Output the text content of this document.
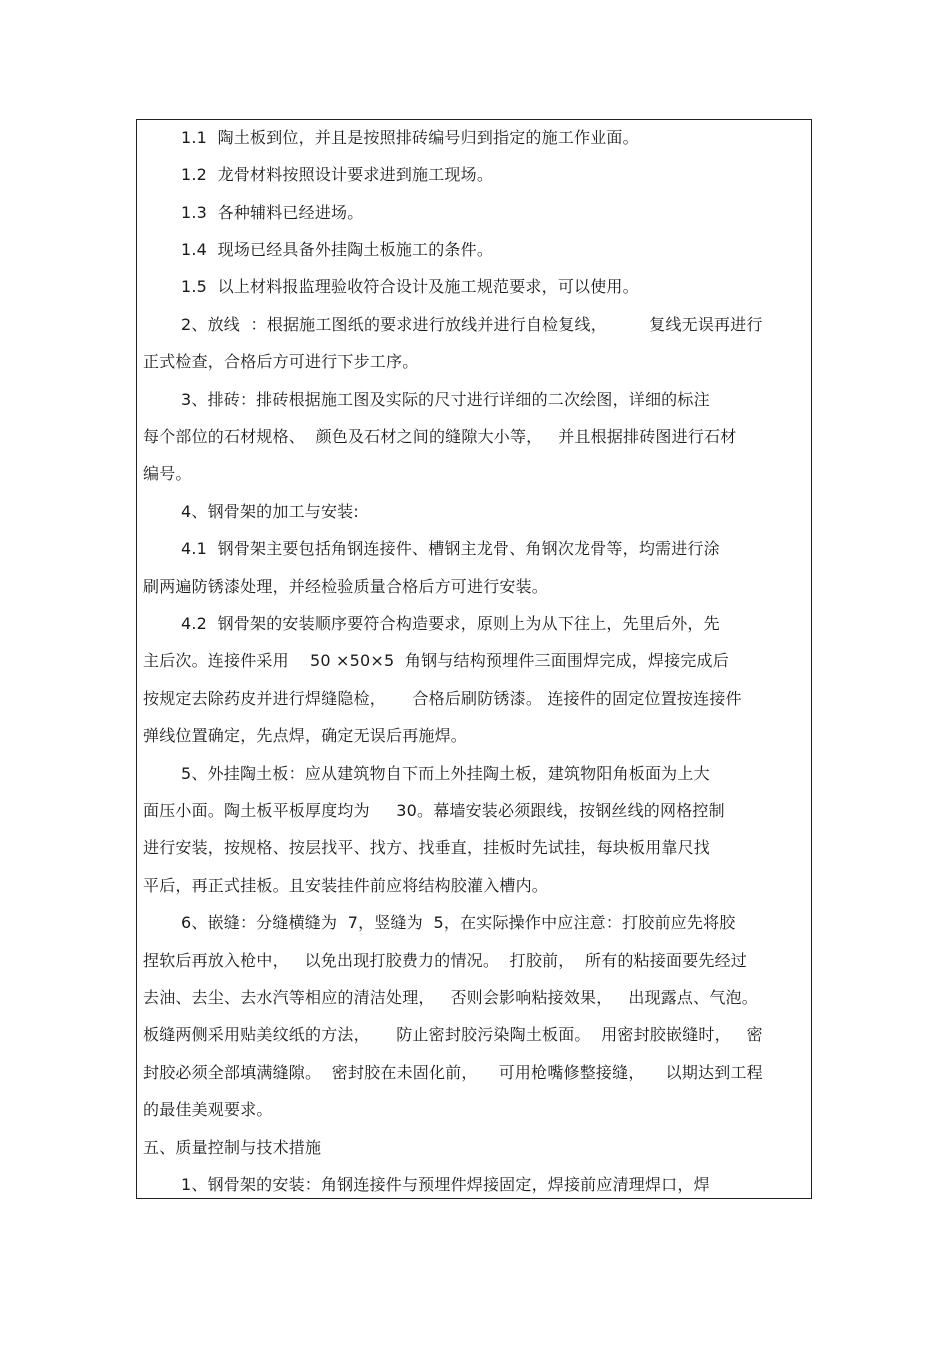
1.1  陶土板到位，并且是按照排砖编号归到指定的施工作业面。
1.2  龙骨材料按照设计要求进到施工现场。
1.3  各种辅料已经进场。
1.4  现场已经具备外挂陶土板施工的条件。
1.5  以上材料报监理验收符合设计及施工规范要求，可以使用。
2、放线  ：根据施工图纸的要求进行放线并进行自检复线，        复线无误再进行
正式检查，合格后方可进行下步工序。
3、排砖：排砖根据施工图及实际的尺寸进行详细的二次绘图，详细的标注
每个部位的石材规格、  颜色及石材之间的缝隙大小等，   并且根据排砖图进行石材
编号。
4、钢骨架的加工与安装:
4.1  钢骨架主要包括角钢连接件、槽钢主龙骨、角钢次龙骨等，均需进行涂
刷两遍防锈漆处理，并经检验质量合格后方可进行安装。
4.2  钢骨架的安装顺序要符合构造要求，原则上为从下往上，先里后外，先
主后次。连接件采用    50 ×50×5  角钢与结构预埋件三面围焊完成，焊接完成后
按规定去除药皮并进行焊缝隐检，     合格后刷防锈漆。 连接件的固定位置按连接件
弹线位置确定，先点焊，确定无误后再施焊。
5、外挂陶土板：应从建筑物自下而上外挂陶土板，建筑物阳角板面为上大
面压小面。陶土板平板厚度均为     30。幕墙安装必须跟线，按钢丝线的网格控制
进行安装，按规格、按层找平、找方、找垂直，挂板时先试挂，每块板用靠尺找
平后，再正式挂板。且安装挂件前应将结构胶灌入槽内。
6、嵌缝：分缝横缝为  7，竖缝为  5，在实际操作中应注意：打胶前应先将胶
捏软后再放入枪中，   以免出现打胶费力的情况。  打胶前，  所有的粘接面要先经过
去油、去尘、去水汽等相应的清洁处理，   否则会影响粘接效果，   出现露点、气泡。
板缝两侧采用贴美纹纸的方法，     防止密封胶污染陶土板面。  用密封胶嵌缝时，   密
封胶必须全部填满缝隙。  密封胶在未固化前，    可用枪嘴修整接缝，    以期达到工程
的最佳美观要求。
五、质量控制与技术措施
1、钢骨架的安装：角钢连接件与预埋件焊接固定，焊接前应清理焊口，焊
